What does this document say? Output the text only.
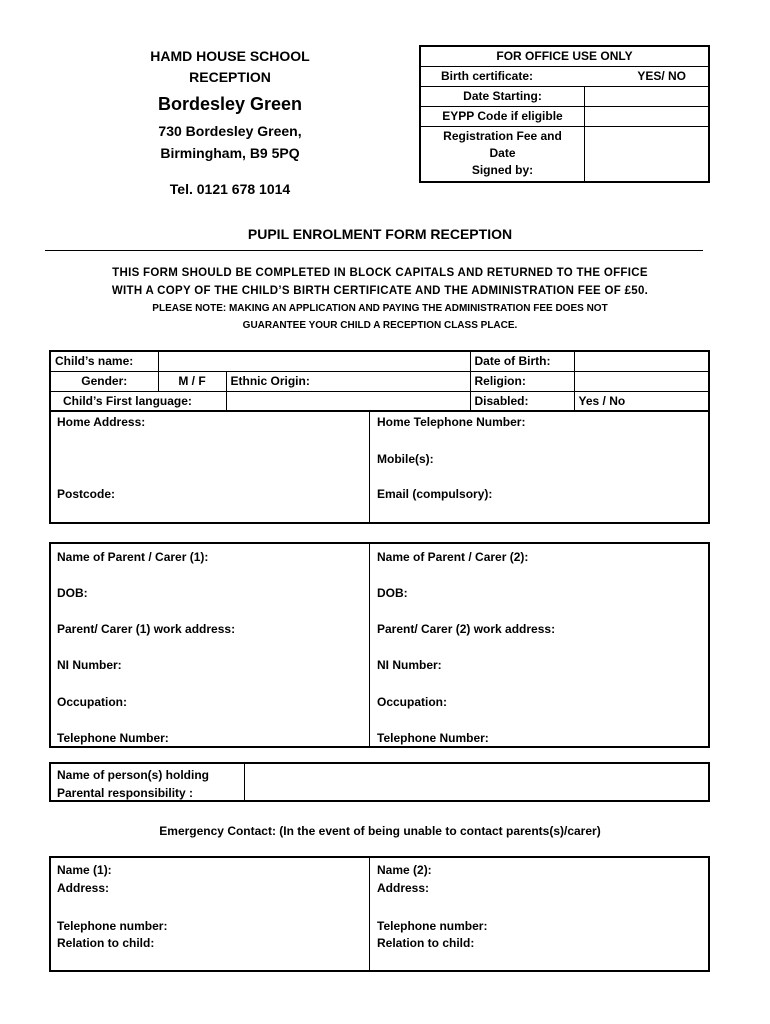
HAMD HOUSE SCHOOL
RECEPTION
Bordesley Green
730 Bordesley Green,
Birmingham, B9 5PQ
Tel. 0121 678 1014
FOR OFFICE USE ONLY	
Birth certificate: YES/ NO	

Date Starting:	
EYPP Code if eligible	

Registration Fee and
Date
Signed by:	

PUPIL ENROLMENT FORM RECEPTION
THIS FORM SHOULD BE COMPLETED IN BLOCK CAPITALS AND RETURNED TO THE OFFICE
WITH A COPY OF THE CHILD’S BIRTH CERTIFICATE AND THE ADMINISTRATION FEE OF £50.
PLEASE NOTE: MAKING AN APPLICATION AND PAYING THE ADMINISTRATION FEE DOES NOT
GUARANTEE YOUR CHILD A RECEPTION CLASS PLACE.
Child’s name:			Date of Birth:	
Gender:	M / F	Ethnic Origin:	Religion:	
Child’s First language:			Disabled:	Yes / No
Home Address:
Postcode:
Home Telephone Number:
Mobile(s):
Email (compulsory):
Name of Parent / Carer (1):
DOB:
Parent/ Carer (1) work address:
NI Number:
Occupation:
Telephone Number:
Name of Parent / Carer (2):
DOB:
Parent/ Carer (2) work address:
NI Number:
Occupation:
Telephone Number:
Name of person(s) holding
Parental responsibility :
Emergency Contact: (In the event of being unable to contact parents(s)/carer)
Name (1):
Address:
Telephone number:
Relation to child:
Name (2):
Address:
Telephone number:
Relation to child:
